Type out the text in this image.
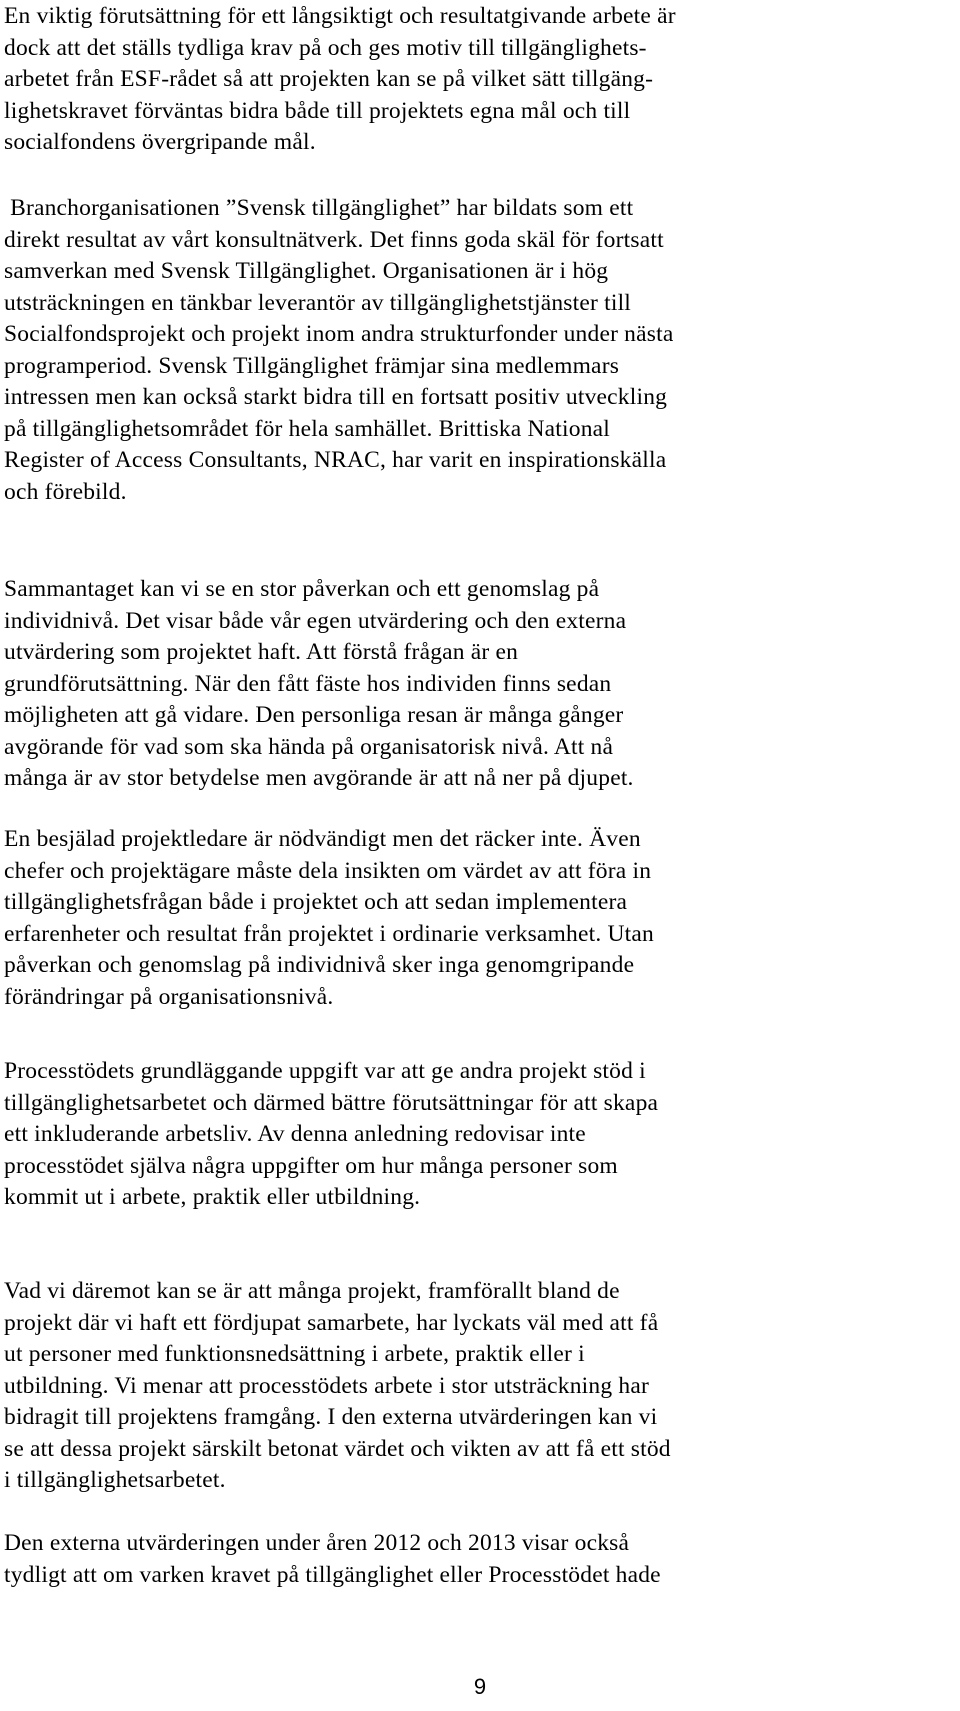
En viktig förutsättning för ett långsiktigt och resultatgivande arbete är
dock att det ställs tydliga krav på och ges motiv till tillgänglighets-
arbetet från ESF-rådet så att projekten kan se på vilket sätt tillgäng-
lighetskravet förväntas bidra både till projektets egna mål och till
socialfondens övergripande mål.

Branchorganisationen ”Svensk tillgänglighet” har bildats som ett
direkt resultat av vårt konsultnätverk. Det finns goda skäl för fortsatt
samverkan med Svensk Tillgänglighet. Organisationen är i hög
utsträckningen en tänkbar leverantör av tillgänglighetstjänster till
Socialfondsprojekt och projekt inom andra strukturfonder under nästa
programperiod. Svensk Tillgänglighet främjar sina medlemmars
intressen men kan också starkt bidra till en fortsatt positiv utveckling
på tillgänglighetsområdet för hela samhället. Brittiska National
Register of Access Consultants, NRAC, har varit en inspirationskälla
och förebild.

Sammantaget kan vi se en stor påverkan och ett genomslag på
individnivå. Det visar både vår egen utvärdering och den externa
utvärdering som projektet haft. Att förstå frågan är en
grundförutsättning. När den fått fäste hos individen finns sedan
möjligheten att gå vidare. Den personliga resan är många gånger
avgörande för vad som ska hända på organisatorisk nivå. Att nå
många är av stor betydelse men avgörande är att nå ner på djupet.

En besjälad projektledare är nödvändigt men det räcker inte. Även
chefer och projektägare måste dela insikten om värdet av att föra in
tillgänglighetsfrågan både i projektet och att sedan implementera
erfarenheter och resultat från projektet i ordinarie verksamhet. Utan
påverkan och genomslag på individnivå sker inga genomgripande
förändringar på organisationsnivå.

Processtödets grundläggande uppgift var att ge andra projekt stöd i
tillgänglighetsarbetet och därmed bättre förutsättningar för att skapa
ett inkluderande arbetsliv. Av denna anledning redovisar inte
processtödet själva några uppgifter om hur många personer som
kommit ut i arbete, praktik eller utbildning.

Vad vi däremot kan se är att många projekt, framförallt bland de
projekt där vi haft ett fördjupat samarbete, har lyckats väl med att få
ut personer med funktionsnedsättning i arbete, praktik eller i
utbildning. Vi menar att processtödets arbete i stor utsträckning har
bidragit till projektens framgång. I den externa utvärderingen kan vi
se att dessa projekt särskilt betonat värdet och vikten av att få ett stöd
i tillgänglighetsarbetet.

Den externa utvärderingen under åren 2012 och 2013 visar också
tydligt att om varken kravet på tillgänglighet eller Processtödet hade

9
